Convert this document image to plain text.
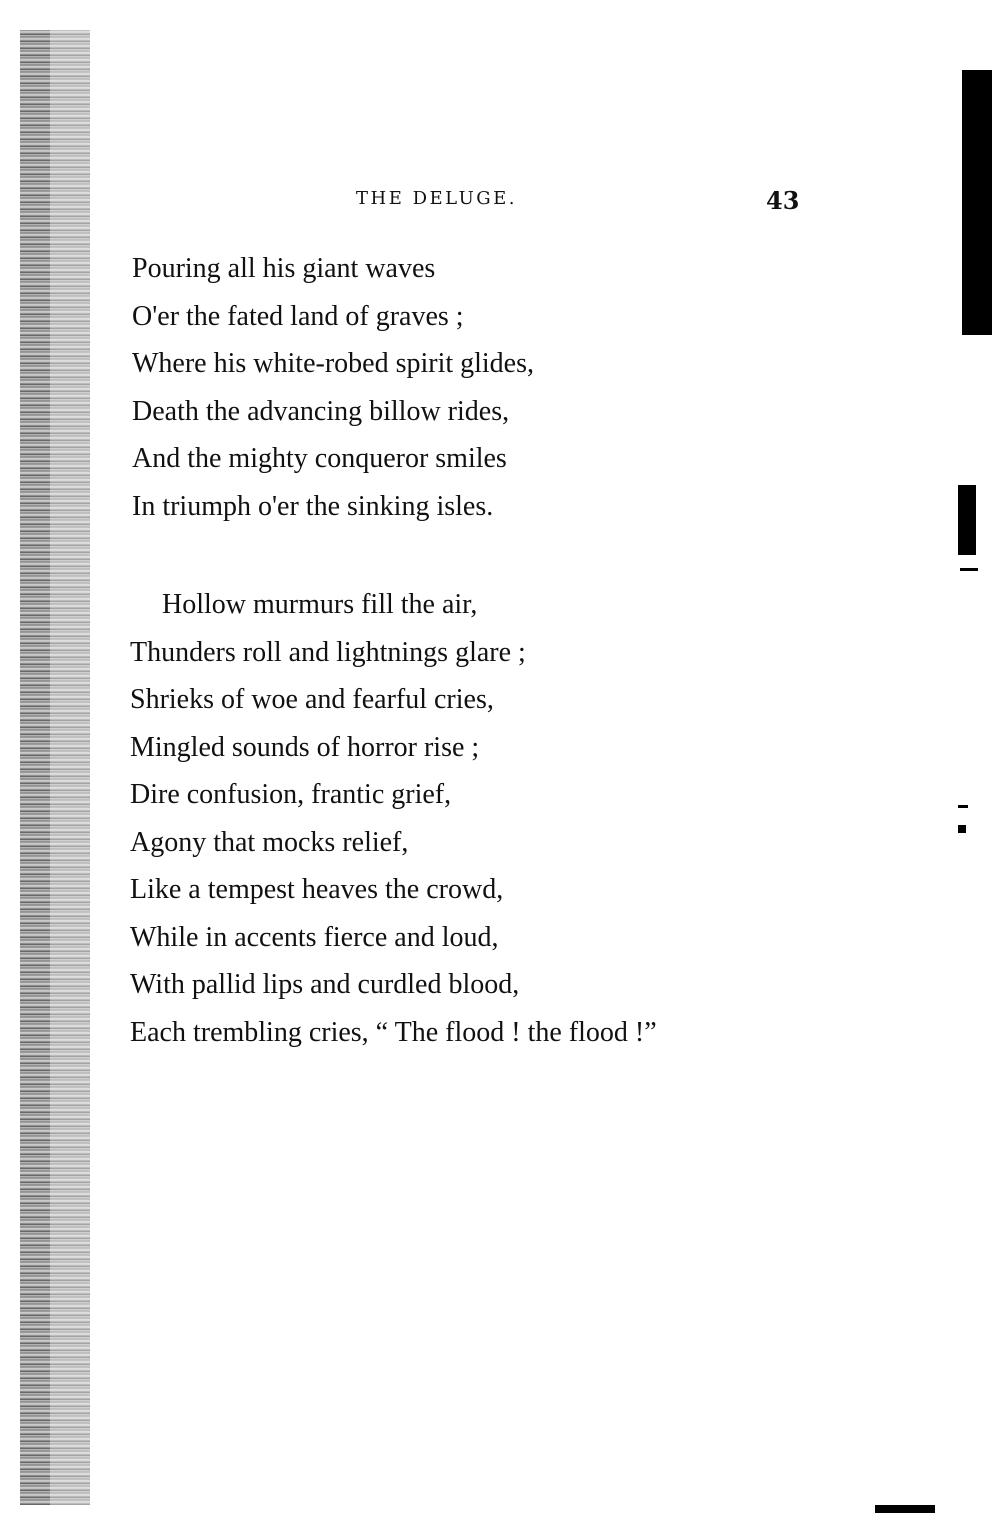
THE DELUGE.	43
Pouring all his giant waves
O'er the fated land of graves ;
Where his white-robed spirit glides,
Death the advancing billow rides,
And the mighty conqueror smiles
In triumph o'er the sinking isles.
Hollow murmurs fill the air,
Thunders roll and lightnings glare ;
Shrieks of woe and fearful cries,
Mingled sounds of horror rise ;
Dire confusion, frantic grief,
Agony that mocks relief,
Like a tempest heaves the crowd,
While in accents fierce and loud,
With pallid lips and curdled blood,
Each trembling cries, “ The flood ! the flood !”
